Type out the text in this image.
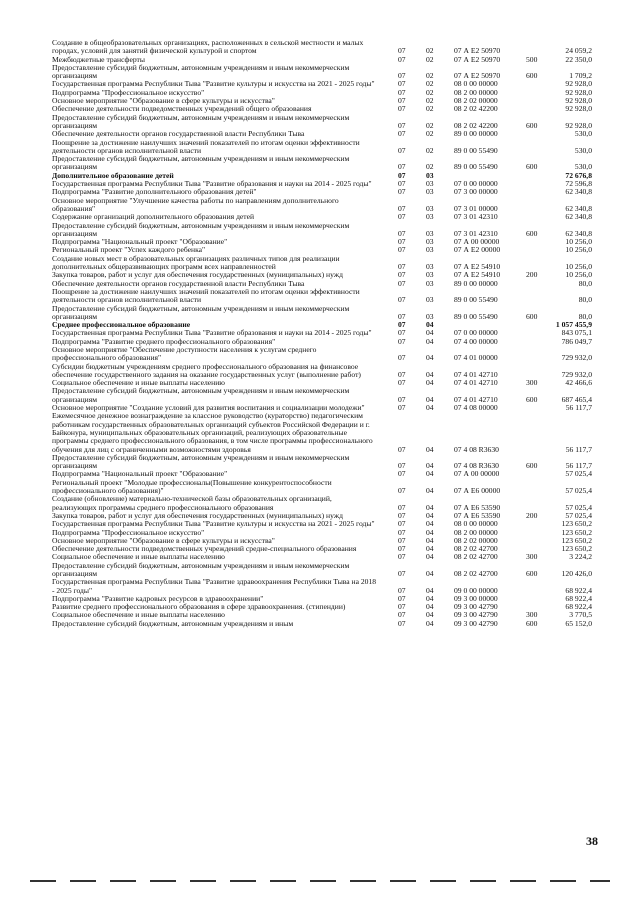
Создание в общеобразовательных организациях, расположенных в сельской местности и малых городах, условий для занятий физической культурой и спортом	07	02	07 А Е2 50970	24 059,2
Межбюджетные трансферты	07	02	07 А Е2 50970	500	22 350,0
Предоставление субсидий бюджетным, автономным учреждениям и иным некоммерческим организациям	07	02	07 А Е2 50970	600	1 709,2
Государственная программа Республики Тыва "Развитие культуры и искусства на 2021 - 2025 годы"	07	02	08 0 00 00000	92 928,0
Подпрограмма "Профессиональное искусство"	07	02	08 2 00 00000	92 928,0
Основное мероприятие "Образование в сфере культуры и искусства"	07	02	08 2 02 00000	92 928,0
Обеспечение деятельности подведомственных учреждений общего образования	07	02	08 2 02 42200	92 928,0
Предоставление субсидий бюджетным, автономным учреждениям и иным некоммерческим организациям	07	02	08 2 02 42200	600	92 928,0
Обеспечение деятельности органов государственной власти Республики Тыва	07	02	89 0 00 00000	530,0
Поощрение за достижение наилучших значений показателей по итогам оценки эффективности деятельности органов исполнительной власти	07	02	89 0 00 55490	530,0
Предоставление субсидий бюджетным, автономным учреждениям и иным некоммерческим организациям	07	02	89 0 00 55490	600	530,0
Дополнительное образование детей	07	03	72 676,8
Государственная программа Республики Тыва "Развитие образования и науки на 2014 - 2025 годы"	07	03	07 0 00 00000	72 596,8
Подпрограмма "Развитие дополнительного образования детей"	07	03	07 3 00 00000	62 340,8
Основное мероприятие "Улучшение качества работы по направлениям дополнительного образования"	07	03	07 3 01 00000	62 340,8
Содержание организаций дополнительного образования детей	07	03	07 3 01 42310	62 340,8
Предоставление субсидий бюджетным, автономным учреждениям и иным некоммерческим организациям	07	03	07 3 01 42310	600	62 340,8
Подпрограмма "Национальный проект "Образование"	07	03	07 А 00 00000	10 256,0
Региональный проект "Успех каждого ребенка"	07	03	07 А Е2 00000	10 256,0
Создание новых мест в образовательных организациях различных типов для реализации дополнительных общеразвивающих программ всех направленностей	07	03	07 А Е2 54910	10 256,0
Закупка товаров, работ и услуг для обеспечения государственных (муниципальных) нужд	07	03	07 А Е2 54910	200	10 256,0
Обеспечение деятельности органов государственной власти Республики Тыва	07	03	89 0 00 00000	80,0
Поощрение за достижение наилучших значений показателей по итогам оценки эффективности деятельности органов исполнительной власти	07	03	89 0 00 55490	80,0
Предоставление субсидий бюджетным, автономным учреждениям и иным некоммерческим организациям	07	03	89 0 00 55490	600	80,0
Среднее профессиональное образование	07	04	1 057 455,9
Государственная программа Республики Тыва "Развитие образования и науки на 2014 - 2025 годы"	07	04	07 0 00 00000	843 075,1
Подпрограмма "Развитие среднего профессионального образования"	07	04	07 4 00 00000	786 049,7
Основное мероприятие "Обеспечение доступности населения к услугам среднего профессионального образования"	07	04	07 4 01 00000	729 932,0
Субсидии бюджетным учреждениям среднего профессионального образования на финансовое обеспечение государственного задания на оказание государственных услуг (выполнение работ)	07	04	07 4 01 42710	729 932,0
Социальное обеспечение и иные выплаты населению	07	04	07 4 01 42710	300	42 466,6
Предоставление субсидий бюджетным, автономным учреждениям и иным некоммерческим организациям	07	04	07 4 01 42710	600	687 465,4
Основное мероприятие "Создание условий для развития воспитания и социализации молодежи"	07	04	07 4 08 00000	56 117,7
Ежемесячное денежное вознаграждение за классное руководство (кураторство) педагогическим работникам государственных образовательных организаций субъектов Российской Федерации и г. Байконура, муниципальных образовательных организаций, реализующих образовательные программы среднего профессионального образования, в том числе программы профессионального обучения для лиц с ограниченными возможностями здоровья	07	04	07 4 08 R3630	56 117,7
Предоставление субсидий бюджетным, автономным учреждениям и иным некоммерческим организациям	07	04	07 4 08 R3630	600	56 117,7
Подпрограмма "Национальный проект "Образование"	07	04	07 А 00 00000	57 025,4
Региональный проект "Молодые профессионалы(Повышение конкурентоспособности профессионального образования)"	07	04	07 А Е6 00000	57 025,4
Создание (обновление) материально-технической базы образовательных организаций, реализующих программы среднего профессионального образования	07	04	07 А Е6 53590	57 025,4
Закупка товаров, работ и услуг для обеспечения государственных (муниципальных) нужд	07	04	07 А Е6 53590	200	57 025,4
Государственная программа Республики Тыва "Развитие культуры и искусства на 2021 - 2025 годы"	07	04	08 0 00 00000	123 650,2
Подпрограмма "Профессиональное искусство"	07	04	08 2 00 00000	123 650,2
Основное мероприятие "Образование в сфере культуры и искусства"	07	04	08 2 02 00000	123 650,2
Обеспечение деятельности подведомственных учреждений средне-специального образования	07	04	08 2 02 42700	123 650,2
Социальное обеспечение и иные выплаты населению	07	04	08 2 02 42700	300	3 224,2
Предоставление субсидий бюджетным, автономным учреждениям и иным некоммерческим организациям	07	04	08 2 02 42700	600	120 426,0
Государственная программа Республики Тыва "Развитие здравоохранения Республики Тыва на 2018 - 2025 годы"	07	04	09 0 00 00000	68 922,4
Подпрограмма "Развитие кадровых ресурсов в здравоохранении"	07	04	09 3 00 00000	68 922,4
Развитие среднего профессионального образования в сфере здравоохранения. (стипендии)	07	04	09 3 00 42790	68 922,4
Социальное обеспечение и иные выплаты населению	07	04	09 3 00 42790	300	3 770,5
Предоставление субсидий бюджетным, автономным учреждениям и иным	07	04	09 3 00 42790	600	65 152,0
38
